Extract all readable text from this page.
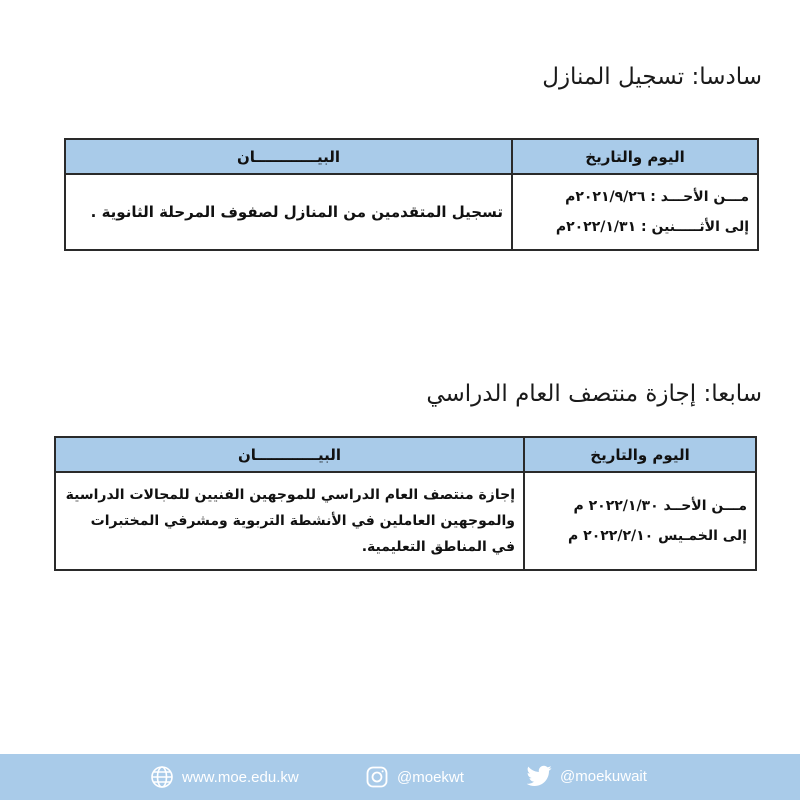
سادسا: تسجيل المنازل
اليوم والتاريخ	البيــــــــــــان

مـــن الأحـــد : ٢٠٢١/٩/٢٦م
إلى الأثـــــنين : ٢٠٢٢/١/٣١م	تسجيل المتقدمين من المنازل لصفوف المرحلة الثانوية .
سابعا: إجازة منتصف العام الدراسي
اليوم والتاريخ	البيــــــــــــان

مـــن الأحــد ٢٠٢٢/١/٣٠ م
إلى الخمـيس ٢٠٢٢/٢/١٠ م	إجازة منتصف العام الدراسي للموجهين الفنيين للمجالات الدراسية والموجهين العاملين في الأنشطة التربوية ومشرفي المختبرات في المناطق التعليمية.
www.moe.edu.kw	@moekwt	@moekuwait
